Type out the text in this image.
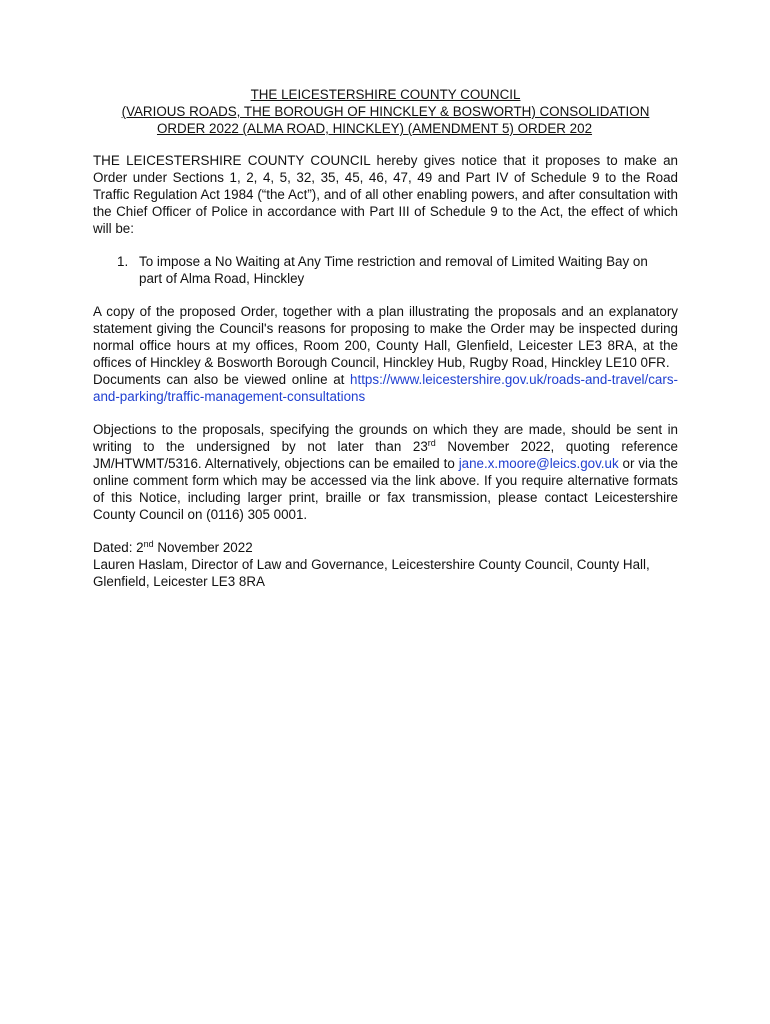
THE LEICESTERSHIRE COUNTY COUNCIL
(VARIOUS ROADS, THE BOROUGH OF HINCKLEY & BOSWORTH) CONSOLIDATION
ORDER 2022 (ALMA ROAD, HINCKLEY) (AMENDMENT 5) ORDER 202

THE LEICESTERSHIRE COUNTY COUNCIL hereby gives notice that it proposes to make an Order under Sections 1, 2, 4, 5, 32, 35, 45, 46, 47, 49 and Part IV of Schedule 9 to the Road Traffic Regulation Act 1984 (“the Act”), and of all other enabling powers, and after consultation with the Chief Officer of Police in accordance with Part III of Schedule 9 to the Act, the effect of which will be:

1. To impose a No Waiting at Any Time restriction and removal of Limited Waiting Bay on part of Alma Road, Hinckley

A copy of the proposed Order, together with a plan illustrating the proposals and an explanatory statement giving the Council's reasons for proposing to make the Order may be inspected during normal office hours at my offices, Room 200, County Hall, Glenfield, Leicester LE3 8RA, at the offices of Hinckley & Bosworth Borough Council, Hinckley Hub, Rugby Road, Hinckley LE10 0FR.
Documents can also be viewed online at https://www.leicestershire.gov.uk/roads-and-travel/cars-and-parking/traffic-management-consultations

Objections to the proposals, specifying the grounds on which they are made, should be sent in writing to the undersigned by not later than 23rd November 2022, quoting reference JM/HTWMT/5316. Alternatively, objections can be emailed to jane.x.moore@leics.gov.uk or via the online comment form which may be accessed via the link above. If you require alternative formats of this Notice, including larger print, braille or fax transmission, please contact Leicestershire County Council on (0116) 305 0001.

Dated: 2nd November 2022

Lauren Haslam, Director of Law and Governance, Leicestershire County Council, County Hall, Glenfield, Leicester LE3 8RA
